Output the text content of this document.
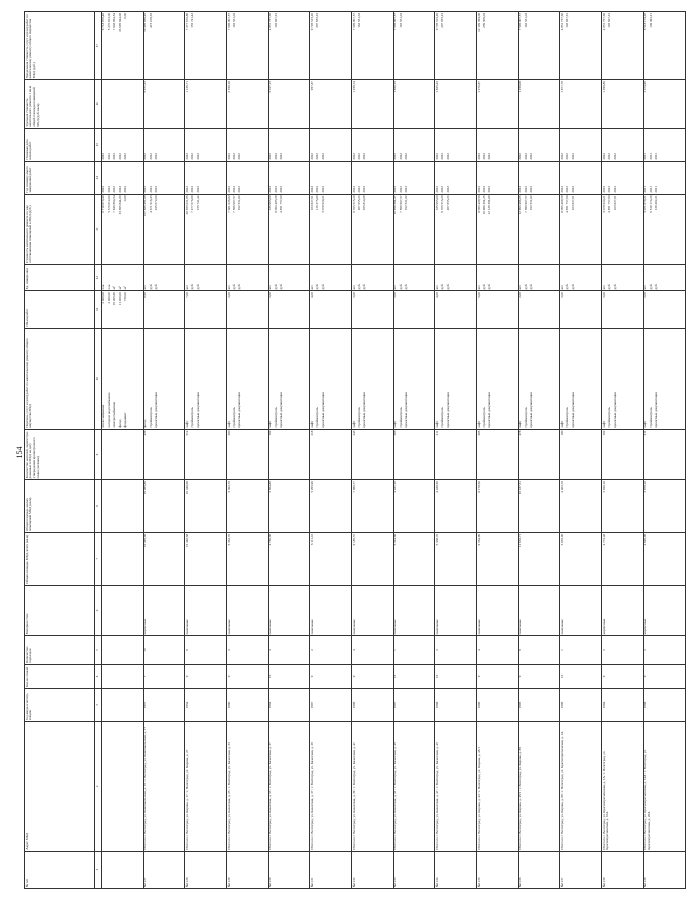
154
№ п/п	Адрес МКД	Год ввода в эксплу-атацию	Кол-во этажей	Количество подъездов	Материал стен	Общая площадь МКД, всего (кв.м)	Общая площадь жилых помещений МКД (кв.м)	Количество жителей, зарегистри-рованных в МКД на дату утверждения краткосрочного плана (человек)	Перечень услуг и (или) работ по капитальному ремонту общего имущества МКД	Объем работ	Ед. измере-ния	Стоимость капитального ремонта по уже собственникам помещений в МКД (руб.)	Год планиру-емого завершения работ	Плановая дата начала работ	Удельная стоимость капитального ремонта 1 кв.м общей площади помещений МКД (руб./кв.м)	Предельная стоимость услуг и (или) работ по капитальному ремонту общего имущества МКД (руб.)
1	2	3	4	5	6	7	8	9	10	11	12	13	14	15	16	17

									теплоснабжение холодное водоснабжение электроснабжение фасад фундамент	2 400,00 2 400,00 19 495,80 11 000,00 750,00	п.м п.м м² м² м³	6 718 870,40 5 370 812,00 7 846 864,54 33 695 844,00 0,00	2022 2022 2022 2022 2022	2022 2022 2022 2022 2022		6 718 870,40 5 370 812,00 7 846 864,54 33 695 844,00 0,00

№1127	Итого по г. Волгоград, ул. Комсомольская, д. 10 / г. Волгоград, ул. Комсомольская, д. 17	1957	7	10	кирпичные	19 495,80	19 495,80	426	фасад стройконтроль проектные документации	8,90	шт. руб. руб.	107 825 291,09 4 671 916,45 225 672,00	2022 2022 2022	2022 2022 2022	5 271,23	19 495 839,40 415 109,63

№1128	Итого по г. Волгоград, ул. Кирова, д. 17 / г. Волгоград, ул. Кирова, д. 27	1954	9	9	панельные	16 348,68	16 348,68	512	лифт стройконтроль проектные документации	7,00	шт. руб. руб.	20 655 031,85 7 277 676,80 155 741,42	2022 2022 2022	2022 2022 2022	1 126,71	7 277 676,80 155 741,42

№1129	Итого по г. Волгоград, ул. Казахская, д. 23 / г. Волгоград, ул. Казахская, д. 33	1990	9	3	панельные	5 362,70	5 362,70	300	лифт стройконтроль проектные документации	2,00	шт. руб. руб.	7 601 026,82 7 596 907,57 162 531,02	2022 2022 2022	2022 2022 2022	2 196,18	7 596 907,57 162 531,02

№1130	Итого по г. Волгоград, ул. Казахская, д. 33 / г. Волгоград, ул. Казахская, д. 37	1994	16	4	панельные	4 766,90	2 664,80	182	лифт стройконтроль проектные документации	2,00	шт. руб. руб.	335 965,00 8 093 485,59 4 851 757,60	2022 2022 2022	2022 2022 2022	5 017,15	4 851 757,60 103 827,61

№1131	Итого по г. Волгоград, ул. Казахская, д. 37 / г. Волгоград, ул. Казахская, д. 29	1987	9	2	панельные	6 111,10	5 295,90	218	лифт стройконтроль проектные документации	4,00	шт. руб. руб.	103 827,61 116 375,00 5 078 920,21	2022 2022 2022	2022 2022 2022	957,87	9 705 515,20 207 655,23

№1132	Итого по г. Волгоград, ул. Казахская, д. 39 / г. Волгоград, ул. Казахская, д. 41	1986	9	4	панельные	9 185,57	7 980,77	343	лифт стройконтроль проектные документации	2,00	шт. руб. руб.	9 705 515,20 207 655,23 355 814,09	2022 2022 2022	2022 2022 2022	1 259,74	7 596 907,57 162 531,02

№1133	Итого по г. Волгоград, ул. Казахская, д. 41 / г. Волгоград, ул. Казахская, д. 45	1987	16	1	панельные	5 324,80	4 421,10	203	лифт стройконтроль проектные документации	2,00	шт. руб. руб.	10 956 384,47 7 596 907,57 162 531,02	2022 2022 2022	2022 2022 2022	1 820,15	7 596 907,57 162 531,02

№1134	Итого по г. Волгоград, ул. Казахская, д. 47 / г. Волгоград, ул. Казахская, д. 45	1988	16	3	панельные	5 338,70	4 438,50	211	лифт стройконтроль проектные документации	4,00	шт. руб. руб.	335 965,00 9 705 515,20 207 655,23	2022 2022 2022	2022 2022 2022	1 825,43	9 705 515,20 207 655,23

№1135	Итого по г. Волгоград, ул. Кирова, д. 43 / г. Волгоград, ул. Кирова, д. 45/1	1986	9	4	панельные	9 354,90	8 178,50	285	лифт стройконтроль проектные документации	5,00	шт. руб. руб.	8 095 409,59 10 880 264,25 12 129 394,00	2022 2022 2022	2022 2022 2022	1 276,87	12 129 394,00 259 509,03

№1136	Итого по г. Волгоград, ул. Кирова, д. 45/1 / г. Волгоград, ул. Кирова, д. 89	1985	9	9	панельные	11 633,71	10 187,51	478	лифт стройконтроль проектные документации	2,00	шт. руб. руб.	12 963 466,05 7 596 907,57 162 531,02	2022 2022 2022	2022 2022 2022	1 258,08	7 596 907,57 162 531,02

№1137	Итого по г. Волгоград, ул. Кирова, д. 89 / г. Волгоград, ул. Краснопресненская, д. 1А	1986	16	1	панельные	5 035,90	4 403,70	180	лифт стройконтроль проектные документации	2,00	шт. руб. руб.	8 095 409,59 4 851 757,60 103 827,61	2022 2022 2022	2022 2022 2022	1 877,79	4 851 757,60 103 827,61

№1138	Итого по г. Волгоград, ул. Краснопресненская, д. 1А / г. Волгоград, ул. Краснопресненская, д. 10А	1984	9	2	кирпичные	4 772,40	3 920,10	192	лифт стройконтроль проектные документации	2,00	шт. руб. руб.	5 078 920,21 4 851 757,60 103 827,61	2022 2022 2022	2022 2022 2022	1 290,86	4 851 757,60 103 827,61

№1139	Итого по г. Волгоград, ул. Краснопресненская, д. 14А / г. Волгоград, ул. Краснопресненская, д. 26А	1988	9	2	кирпичные	4 826,90	3 978,10	211	лифт стройконтроль проектные документации	2,00	шт. руб. руб.	5 071 070,21 6 518 174,20 139 492,21	2021 2021 2021	2021 2021 2021	1 374,96	6 518 174,20 139 492,21
